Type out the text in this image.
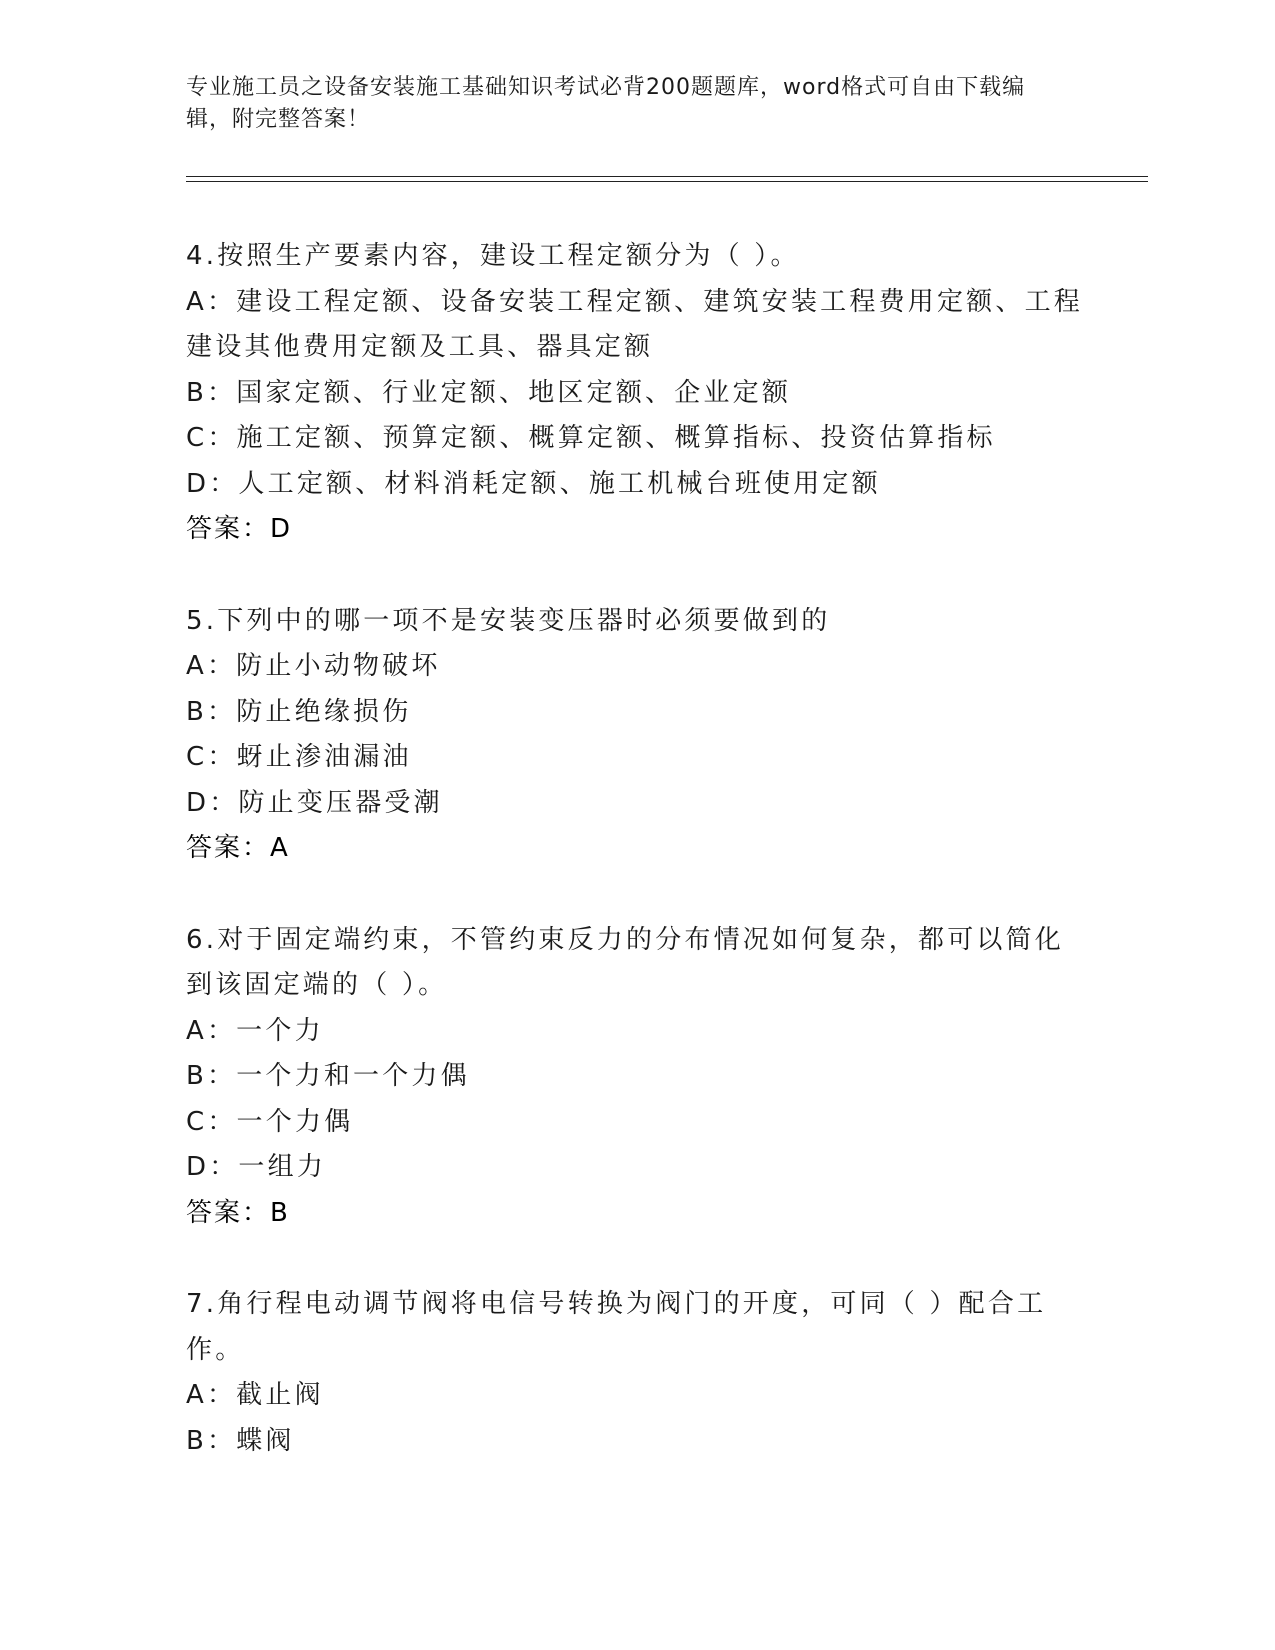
专业施工员之设备安装施工基础知识考试必背200题题库，word格式可自由下载编辑，附完整答案！
4.按照生产要素内容，建设工程定额分为（ ）。
A：建设工程定额、设备安装工程定额、建筑安装工程费用定额、工程建设其他费用定额及工具、器具定额
B：国家定额、行业定额、地区定额、企业定额
C：施工定额、预算定额、概算定额、概算指标、投资估算指标
D：人工定额、材料消耗定额、施工机械台班使用定额
答案：D
5.下列中的哪一项不是安装变压器时必须要做到的
A：防止小动物破坏
B：防止绝缘损伤
C：蚜止渗油漏油
D：防止变压器受潮
答案：A
6.对于固定端约束，不管约束反力的分布情况如何复杂，都可以简化到该固定端的（ ）。
A：一个力
B：一个力和一个力偶
C：一个力偶
D：一组力
答案：B
7.角行程电动调节阀将电信号转换为阀门的开度，可同（ ）配合工作。
A：截止阀
B：蝶阀
